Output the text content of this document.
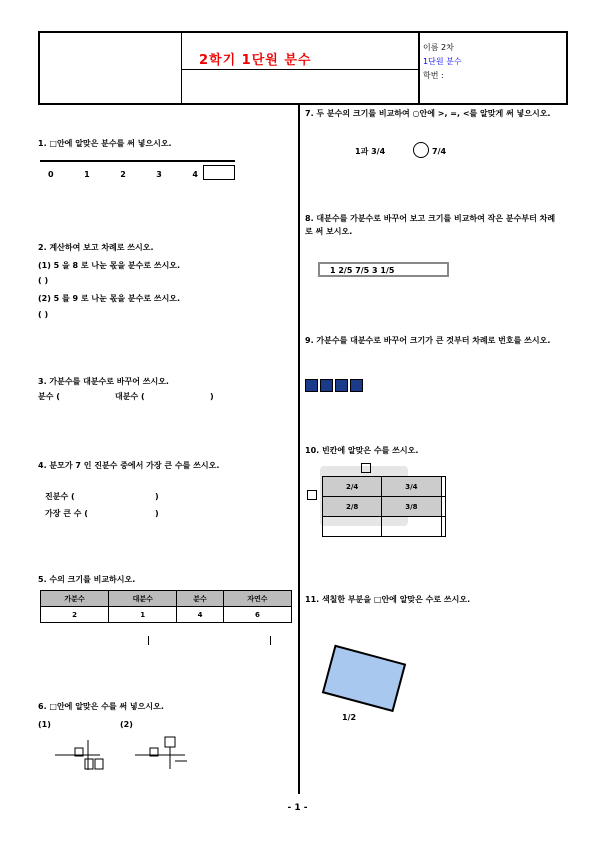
2학기 1단원 분수
이름 2차
1단원 분수
학번 :
1. □안에 알맞은 분수를 써 넣으시오.
0	1	2	3	4
2. 계산하여 보고 차례로 쓰시오.
(1) 5 을 8 로 나눈 몫을 분수로 쓰시오.
( )
(2) 5 를 9 로 나눈 몫을 분수로 쓰시오.
( )
3. 가분수를 대분수로 바꾸어 쓰시오.
분수 (	대분수 (	)
4. 분모가 7 인 진분수 중에서 가장 큰 수를 쓰시오.
진분수 (	)
가장 큰 수 (	)
5. 수의 크기를 비교하시오.
가분수	대분수	분수	자연수
2	1	4	6
6. □안에 알맞은 수를 써 넣으시오.
(1)	(2)
7. 두 분수의 크기를 비교하여 ○안에 >, =, <를 알맞게 써 넣으시오.
1과 3/4	7/4
8. 대분수를 가분수로 바꾸어 보고 크기를 비교하여 작은 분수부터 차례로 써 보시오.
1 2/5 7/5 3 1/5
9. 가분수를 대분수로 바꾸어 크기가 큰 것부터 차례로 번호를 쓰시오.
10. 빈칸에 알맞은 수를 쓰시오.
2/4	3/4	
2/8	3/8	

11. 색칠한 부분을 □안에 알맞은 수로 쓰시오.
1/2
- 1 -
